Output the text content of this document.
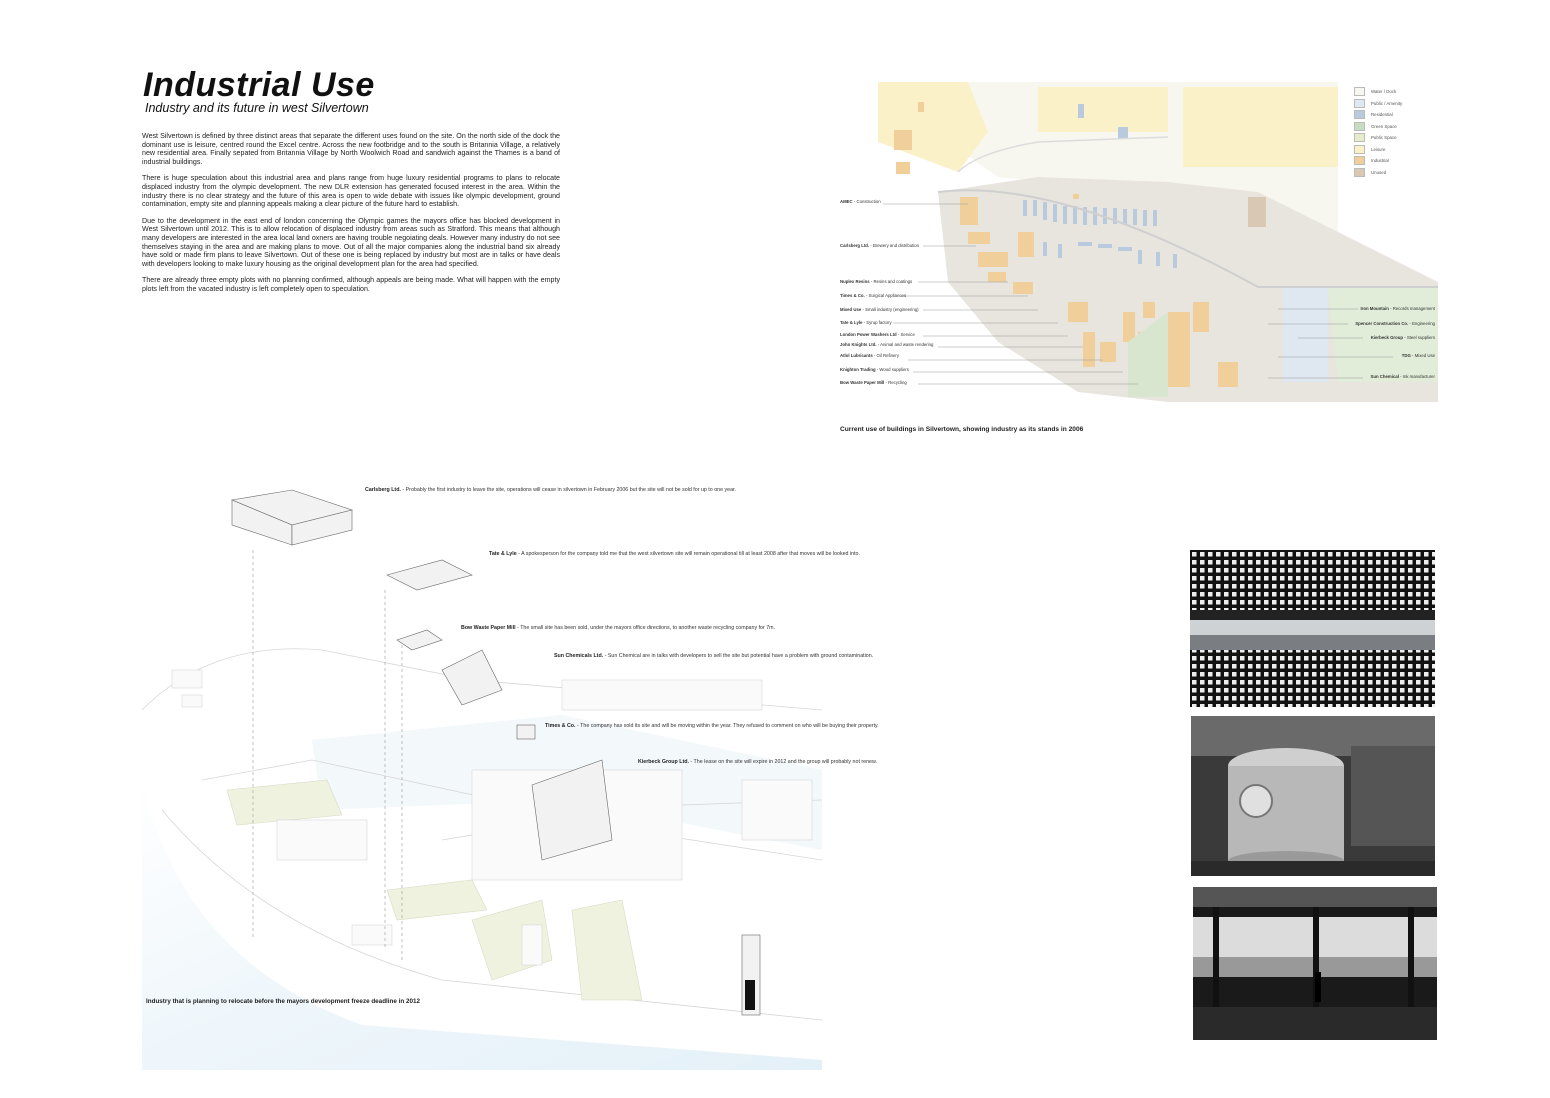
Industrial Use
Industry and its future in west Silvertown

West Silvertown is defined by three distinct areas that separate the different uses found on the site. On the north side of the dock the dominant use is leisure, centred round the Excel centre. Across the new footbridge and to the south is Britannia Village, a relatively new residential area. Finally sepated from Britannia Village by North Woolwich Road and sandwich against the Thames is a band of industrial buildings.

There is huge speculation about this industrial area and plans range from huge luxury residential programs to plans to relocate displaced industry from the olympic development. The new DLR extension has generated focused interest in the area. Within the industry there is no clear strategy and the future of this area is open to wide debate with issues like olympic development, ground contamination, empty site and planning appeals making a clear picture of the future hard to establish.

Due to the development in the east end of london concerning the Olympic games the mayors office has blocked development in West Silvertown until 2012. This is to allow relocation of displaced industry from areas such as Stratford. This means that although many developers are interested in the area local land oxners are having trouble negoiating deals. However many industry do not see themselves staying in the area and are making plans to move. Out of all the major companies along the industrial band six already have sold or made firm plans to leave Silvertown. Out of these one is being replaced by industry but most are in talks or have deals with developers looking to make luxury housing as the original development plan for the area had specified.

There are already three empty plots with no planning confirmed, although appeals are being made. What will happen with the empty plots left from the vacated industry is left completely open to speculation.

Water / Dock
Public / Amenity
Residential
Green Space
Public Space
Leisure
Industrial
Unused
AMEC - Construction
Carlsberg Ltd. - Brewery and distribution
Nuplex Resins - Resins and coatings
Times & Co. - Surgical Appliances
Mixed Use - Small industry (engineering)
Tate & Lyle - Syrup factory
London Power Washers Ltd - Service
John Knights Ltd. - Animal and waste rendering
Atlol Lubricants - Oil Refinery
Knighton Trading - Wood suppliers
Bow Waste Paper Mill - Recycling
Iron Mountain - Records management
Spencer Construction Co. - Engineering
Kierbeck Group - Steel suppliers
TDG - Mixed Use
Sun Chemical - Ink manufacturer
Current use of buildings in Silvertown, showing industry as its stands in 2006
Carlsberg Ltd. - Probably the first industry to leave the site, operations will cease in silvertown in February 2006 but the site will not be sold for up to one year.
Tate & Lyle - A spokesperson for the company told me that the west silvertown site will remain operational till at least 2008 after that moves will be looked into.
Bow Waste Paper Mill - The small site has been sold, under the mayors office directions, to another waste recycling company for 7m.
Sun Chemicals Ltd. - Sun Chemical are in talks with developers to sell the site but potential have a problem with ground contamination.
Times & Co. - The company has sold its site and will be moving within the year. They refused to comment on who will be buying their property.
Kierbeck Group Ltd. - The lease on the site will expire in 2012 and the group will probably not renew.
Industry that is planning to relocate before the mayors development freeze deadline in 2012
